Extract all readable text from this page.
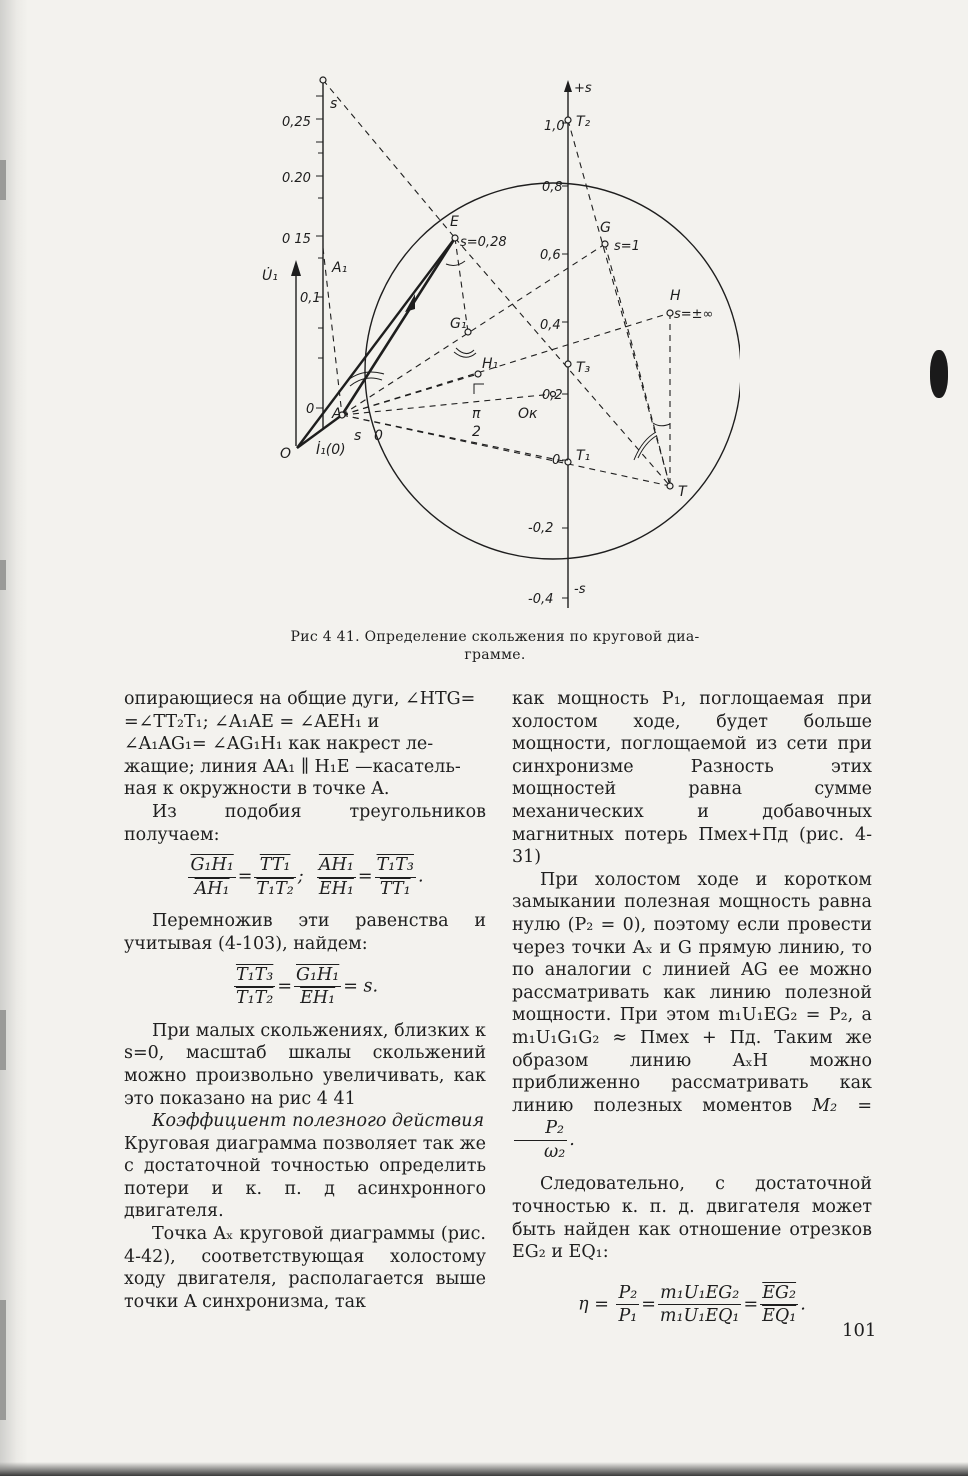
0,25
0.20
0 15
0,1
0
1,0
0,8
0,6
0,4
0,2
0
-0,2
-0,4
s
E
s=0,28
G
s=1
H
s=±∞
G₁
H₁
A₁
U̇₁
A
O İ₁(0)
s 0
π
2
Oк
T₃
T₁
T
T₂
+s
-s

Рис 4 41. Определение скольжения по круговой диа-
грамме.

опирающиеся на общие дуги, ∠HTG=

=∠TT₂T₁; ∠A₁AE = ∠AEH₁ и

∠A₁AG₁= ∠AG₁H₁ как накрест ле-

жащие; линия AA₁ ∥ H₁E —касатель-

ная к окружности в точке A.

Из подобия треугольников получаем:

$\frac{\text{G₁H₁}}{\text{AH₁}} = \frac{\text{TT₁}}{\text{T₁T₂}}$ ; $\frac{\text{AH₁}}{\text{EH₁}} = \frac{\text{T₁T₃}}{\text{TT₁}}$ .

Перемножив эти равенства и учитывая (4-103), найдем:

$\frac{\text{T₁T₃}}{\text{T₁T₂}} = \frac{\text{G₁H₁}}{\text{EH₁}} = s$.

При малых скольжениях, близких к s=0, масштаб шкалы скольжений можно произвольно увеличивать, как это показано на рис 4 41

Коэффициент полезного действия

Круговая диаграмма позволяет так же с достаточной точностью определить потери и к. п. д асинхронного двигателя.

Точка Aₓ круговой диаграммы (рис. 4-42), соответствующая холостому ходу двигателя, располагается выше точки A синхронизма, так

как мощность P₁, поглощаемая при холостом ходе, будет больше мощности, поглощаемой из сети при синхронизме Разность этих мощностей равна сумме механических и добавочных магнитных потерь Πмех+Πд (рис. 4-31)

При холостом ходе и коротком замыкании полезная мощность равна нулю (P₂ = 0), поэтому если провести через точки Aₓ и G прямую линию, то по аналогии с линией AG ее можно рассматривать как линию полезной мощности. При этом m₁U₁EG₂ = P₂, а m₁U₁G₁G₂ ≈ Πмех + Πд. Таким же образом линию AₓH можно приближенно рассматривать как линию полезных моментов M₂ =
$\frac{\text{P₂}}{\text{ω₂}}$ .

Следовательно, с достаточной точностью к. п. д. двигателя может быть найден как отношение отрезков EG₂ и EQ₁:

$\eta = \frac{\text{P₂}}{\text{P₁}} = \frac{\text{m₁U₁EG₂}}{\text{m₁U₁EQ₁}} = \frac{\text{EG₂}}{\text{EQ₁}}$ .
101
